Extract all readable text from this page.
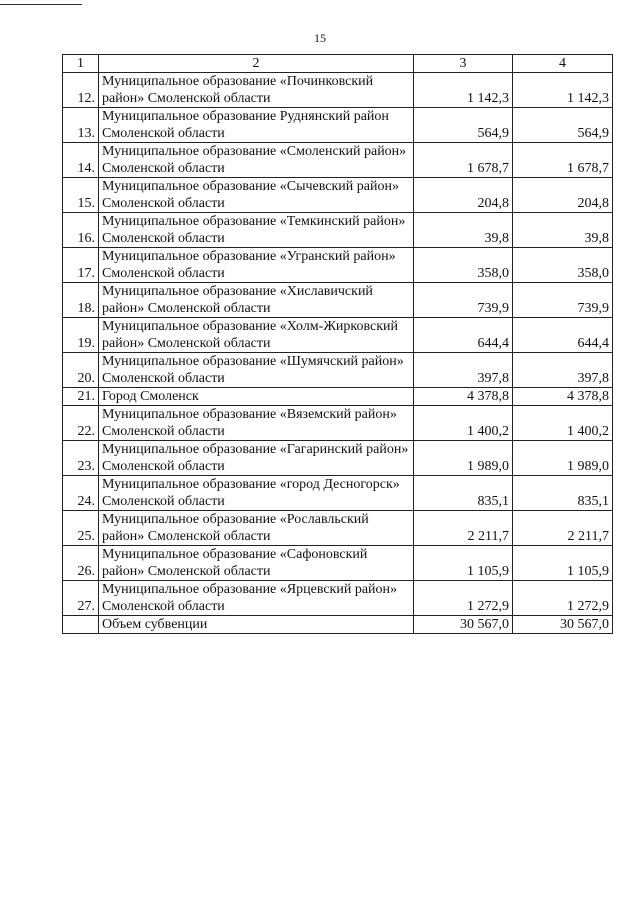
15
1	2	3	4
12.	Муниципальное образование «Починковский район» Смоленской области	1 142,3	1 142,3
13.	Муниципальное образование Руднянский район Смоленской области	564,9	564,9
14.	Муниципальное образование «Смоленский район» Смоленской области	1 678,7	1 678,7
15.	Муниципальное образование «Сычевский район» Смоленской области	204,8	204,8
16.	Муниципальное образование «Темкинский район» Смоленской области	39,8	39,8
17.	Муниципальное образование «Угранский район» Смоленской области	358,0	358,0
18.	Муниципальное образование «Хиславичский район» Смоленской области	739,9	739,9
19.	Муниципальное образование «Холм-Жирковский район» Смоленской области	644,4	644,4
20.	Муниципальное образование «Шумячский район» Смоленской области	397,8	397,8
21.	Город Смоленск	4 378,8	4 378,8
22.	Муниципальное образование «Вяземский район» Смоленской области	1 400,2	1 400,2
23.	Муниципальное образование «Гагаринский район» Смоленской области	1 989,0	1 989,0
24.	Муниципальное образование «город Десногорск» Смоленской области	835,1	835,1
25.	Муниципальное образование «Рославльский район» Смоленской области	2 211,7	2 211,7
26.	Муниципальное образование «Сафоновский район» Смоленской области	1 105,9	1 105,9
27.	Муниципальное образование «Ярцевский район» Смоленской области	1 272,9	1 272,9
	Объем субвенции	30 567,0	30 567,0
